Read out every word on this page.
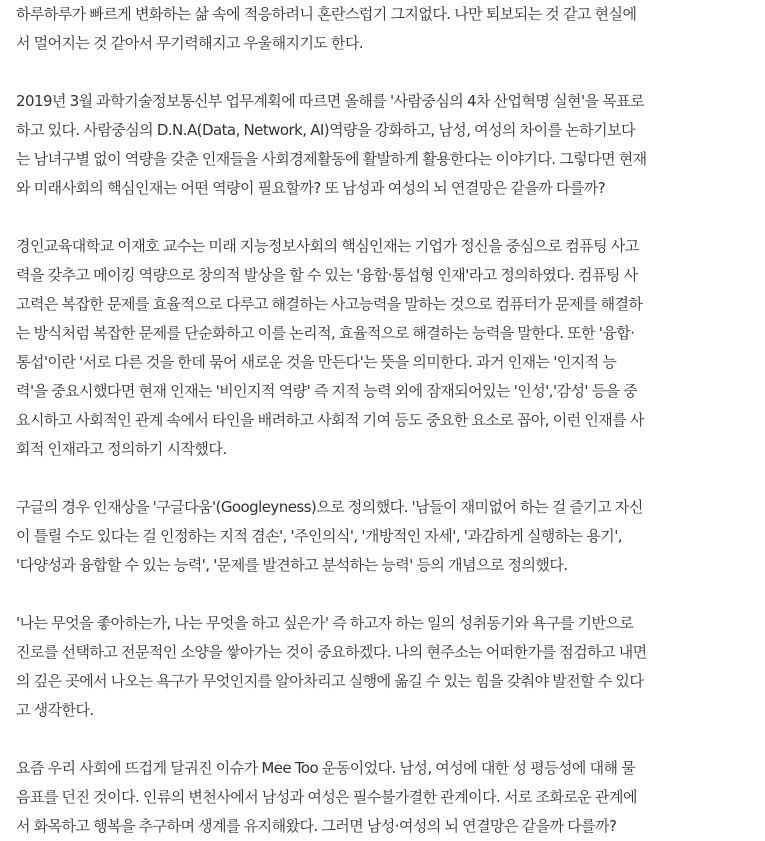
하루하루가 빠르게 변화하는 삶 속에 적응하려니 혼란스럽기 그지없다. 나만 퇴보되는 것 같고 현실에
서 멀어지는 것 같아서 무기력해지고 우울해지기도 한다.

2019년 3월 과학기술정보통신부 업무계획에 따르면 올해를 '사람중심의 4차 산업혁명 실현'을 목표로
하고 있다. 사람중심의 D.N.A(Data, Network, AI)역량을 강화하고, 남성, 여성의 차이를 논하기보다
는 남녀구별 없이 역량을 갖춘 인재들을 사회경제활동에 활발하게 활용한다는 이야기다. 그렇다면 현재
와 미래사회의 핵심인재는 어떤 역량이 필요할까? 또 남성과 여성의 뇌 연결망은 같을까 다를까?

경인교육대학교 이재호 교수는 미래 지능정보사회의 핵심인재는 기업가 정신을 중심으로 컴퓨팅 사고
력을 갖추고 메이킹 역량으로 창의적 발상을 할 수 있는 '융합·통섭형 인재'라고 정의하였다. 컴퓨팅 사
고력은 복잡한 문제를 효율적으로 다루고 해결하는 사고능력을 말하는 것으로 컴퓨터가 문제를 해결하
는 방식처럼 복잡한 문제를 단순화하고 이를 논리적, 효율적으로 해결하는 능력을 말한다. 또한 '융합·
통섭'이란 '서로 다른 것을 한데 묶어 새로운 것을 만든다'는 뜻을 의미한다. 과거 인재는 '인지적 능
력'을 중요시했다면 현재 인재는 '비인지적 역량' 즉 지적 능력 외에 잠재되어있는 '인성','감성' 등을 중
요시하고 사회적인 관계 속에서 타인을 배려하고 사회적 기여 등도 중요한 요소로 꼽아, 이런 인재를 사
회적 인재라고 정의하기 시작했다.

구글의 경우 인재상을 '구글다움'(Googleyness)으로 정의했다. '남들이 재미없어 하는 걸 즐기고 자신
이 틀릴 수도 있다는 걸 인정하는 지적 겸손', '주인의식', '개방적인 자세', '과감하게 실행하는 용기',
'다양성과 융합할 수 있는 능력', '문제를 발견하고 분석하는 능력' 등의 개념으로 정의했다.

'나는 무엇을 좋아하는가, 나는 무엇을 하고 싶은가' 즉 하고자 하는 일의 성취동기와 욕구를 기반으로
진로를 선택하고 전문적인 소양을 쌓아가는 것이 중요하겠다. 나의 현주소는 어떠한가를 점검하고 내면
의 깊은 곳에서 나오는 욕구가 무엇인지를 알아차리고 실행에 옮길 수 있는 힘을 갖춰야 발전할 수 있다
고 생각한다.

요즘 우리 사회에 뜨겁게 달궈진 이슈가 Mee Too 운동이었다. 남성, 여성에 대한 성 평등성에 대해 물
음표를 던진 것이다. 인류의 변천사에서 남성과 여성은 필수불가결한 관계이다. 서로 조화로운 관계에
서 화목하고 행복을 추구하며 생계를 유지해왔다. 그러면 남성·여성의 뇌 연결망은 같을까 다를까?
